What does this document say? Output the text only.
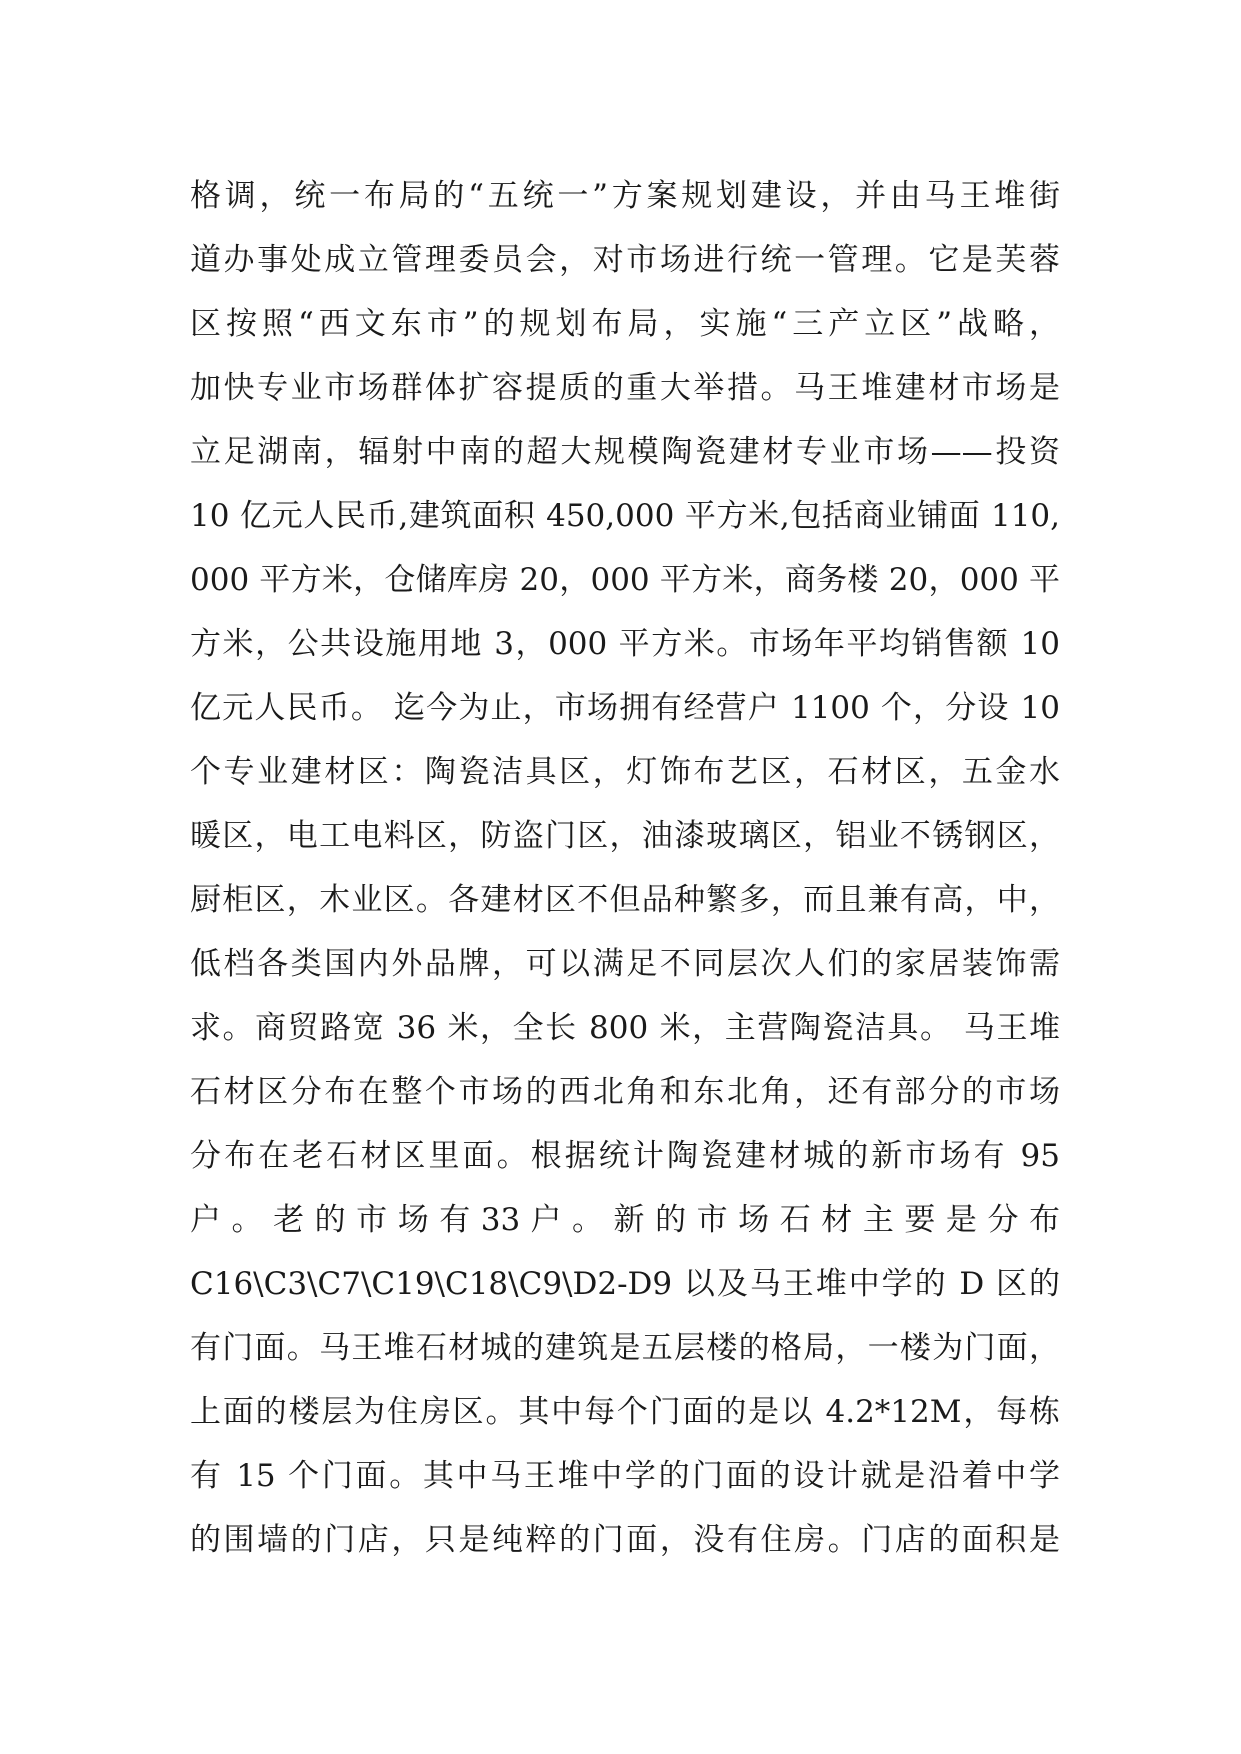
格调，统一布局的“五统一”方案规划建设，并由马王堆街
道办事处成立管理委员会，对市场进行统一管理。它是芙蓉
区按照“西文东市”的规划布局，实施“三产立区”战略，
加快专业市场群体扩容提质的重大举措。马王堆建材市场是
立足湖南，辐射中南的超大规模陶瓷建材专业市场——投资
10 亿元人民币,建筑面积 450,000 平方米,包括商业铺面 110,
000 平方米，仓储库房 20，000 平方米，商务楼 20，000 平
方米，公共设施用地 3，000 平方米。市场年平均销售额 10
亿元人民币。 迄今为止，市场拥有经营户 1100 个，分设 10
个专业建材区：陶瓷洁具区，灯饰布艺区，石材区，五金水
暖区，电工电料区，防盗门区，油漆玻璃区，铝业不锈钢区，
厨柜区，木业区。各建材区不但品种繁多，而且兼有高，中，
低档各类国内外品牌，可以满足不同层次人们的家居装饰需
求。商贸路宽 36 米，全长 800 米，主营陶瓷洁具。 马王堆
石材区分布在整个市场的西北角和东北角，还有部分的市场
分布在老石材区里面。根据统计陶瓷建材城的新市场有 95
户 。 老 的 市 场 有 33 户 。 新 的 市 场 石 材 主 要 是 分 布
C16\C3\C7\C19\C18\C9\D2-D9 以及马王堆中学的 D 区的
有门面。马王堆石材城的建筑是五层楼的格局，一楼为门面，
上面的楼层为住房区。其中每个门面的是以 4.2*12M，每栋
有 15 个门面。其中马王堆中学的门面的设计就是沿着中学
的围墙的门店，只是纯粹的门面，没有住房。门店的面积是
